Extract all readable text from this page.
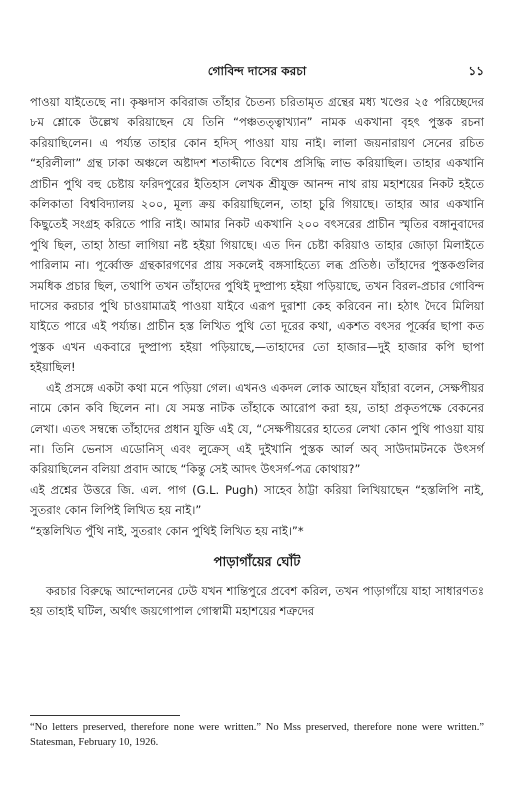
গোবিন্দ দাসের করচা	১১

পাওয়া যাইতেছে না। কৃষ্ণদাস কবিরাজ তাঁহার চৈতন্য চরিতামৃত গ্রন্থের মধ্য খণ্ডের ২৫ পরিচ্ছেদের ৮ম শ্লোকে উল্লেখ করিয়াছেন যে তিনি “পঞ্চতত্ত্বাখ্যান” নামক একখানা বৃহৎ পুস্তক রচনা করিয়াছিলেন। এ পর্য্যন্ত তাহার কোন হদিস্ পাওয়া যায় নাই। লালা জয়নারায়ণ সেনের রচিত “হরিলীলা” গ্রন্থ ঢাকা অঞ্চলে অষ্টাদশ শতাব্দীতে বিশেষ প্রসিদ্ধি লাভ করিয়াছিল। তাহার একখানি প্রাচীন পুথি বহু চেষ্টায় ফরিদপুরের ইতিহাস লেখক শ্রীযুক্ত আনন্দ নাথ রায় মহাশয়ের নিকট হইতে কলিকাতা বিশ্ববিদ্যালয় ২০০, মূল্য ক্রয় করিয়াছিলেন, তাহা চুরি গিয়াছে। তাহার আর একখানি কিছুতেই সংগ্রহ করিতে পারি নাই। আমার নিকট একখানি ২০০ বৎসরের প্রাচীন স্মৃতির বঙ্গানুবাদের পুথি ছিল, তাহা ঠান্ডা লাগিয়া নষ্ট হইয়া গিয়াছে। এত দিন চেষ্টা করিয়াও তাহার জোড়া মিলাইতে পারিলাম না। পূর্ব্বোক্ত গ্রন্থকারগণের প্রায় সকলেই বঙ্গসাহিত্যে লব্ধ প্রতিষ্ঠ। তাঁহাদের পুস্তকগুলির সমধিক প্রচার ছিল, তথাপি তখন তাঁহাদের পুথিই দুষ্প্রাপ্য হইয়া পড়িয়াছে, তখন বিরল-প্রচার গোবিন্দ দাসের করচার পুথি চাওয়ামাত্রই পাওয়া যাইবে এরূপ দুরাশা কেহ করিবেন না। হঠাৎ দৈবে মিলিয়া যাইতে পারে এই পর্য্যন্ত। প্রাচীন হস্ত লিখিত পুথি তো দূরের কথা, একশত বৎসর পূর্ব্বের ছাপা কত পুস্তক এখন একবারে দুষ্প্রাপ্য হইয়া পড়িয়াছে,—তাহাদের তো হাজার—দুই হাজার কপি ছাপা হইয়াছিল!

এই প্রসঙ্গে একটা কথা মনে পড়িয়া গেল। এখনও একদল লোক আছেন যাঁহারা বলেন, সেক্ষপীয়র নামে কোন কবি ছিলেন না। যে সমস্ত নাটক তাঁহাকে আরোপ করা হয়, তাহা প্রকৃতপক্ষে বেকনের লেখা। এতৎ সম্বন্ধে তাঁহাদের প্রধান যুক্তি এই যে, “সেক্ষপীয়রের হাতের লেখা কোন পুথি পাওয়া যায় না। তিনি ভেনাস এডোনিস্ এবং লুক্রেস্ এই দুইখানি পুস্তক আর্ল অব্ সাউদামটনকে উৎসর্গ করিয়াছিলেন বলিয়া প্রবাদ আছে “কিন্তু সেই আদৎ উৎসর্গ-পত্র কোথায়?”

এই প্রশ্নের উত্তরে জি. এল. পাগ (G.L. Pugh) সাহেব ঠাট্টা করিয়া লিখিয়াছেন “হস্তলিপি নাই, সুতরাং কোন লিপিই লিখিত হয় নাই।”

“হস্তলিখিত পুঁথি নাই, সুতরাং কোন পুথিই লিখিত হয় নাই।”*

পাড়াগাঁয়ের ঘোঁট

করচার বিরুদ্ধে আন্দোলনের ঢেউ যখন শান্তিপুরে প্রবেশ করিল, তখন পাড়াগাঁয়ে যাহা সাধারণতঃ হয় তাহাই ঘটিল, অর্থাৎ জয়গোপাল গোস্বামী মহাশয়ের শত্রুদের

“No letters preserved, therefore none were written.” No Mss preserved, therefore none were written.” Statesman, February 10, 1926.
